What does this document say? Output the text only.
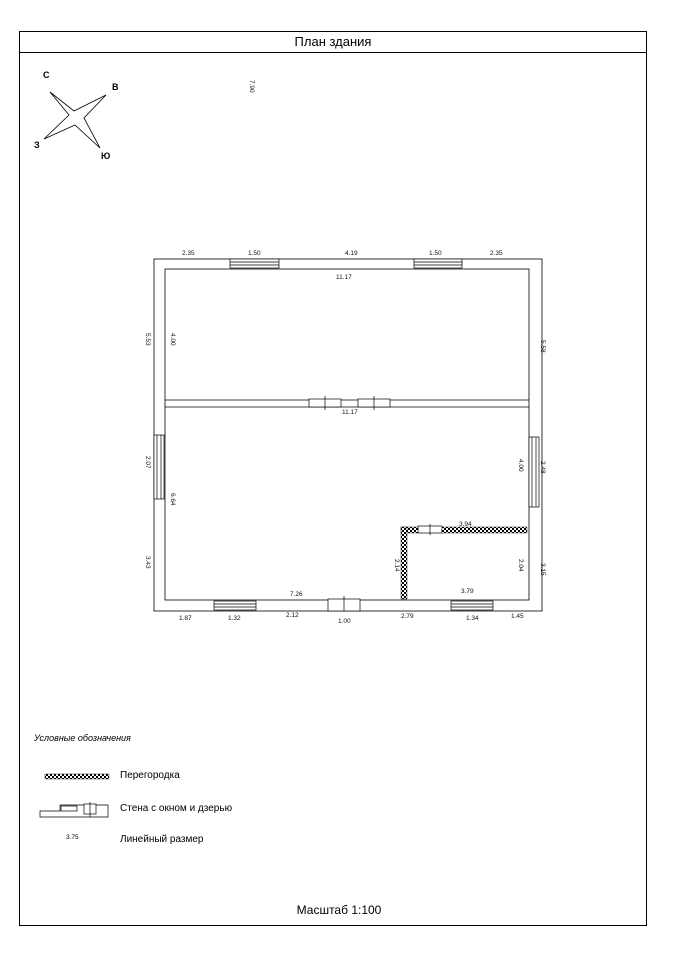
План здания
С
В
З
Ю
7.90
2.35	1.50	4.19	1.50	2.35
11.17
5.53	4.00
5.58
11.17
2.07
6.64
4.00 2.48
3.43
3.94
2.14	2.04 3.15
7.26	3.79
1.87	1.32	2.12
1.00
2.79	1.34	1.45
Условные обозначения
Перегородка
Стена с окном и дзерью
3.75	Линейный размер
Масштаб 1:100
